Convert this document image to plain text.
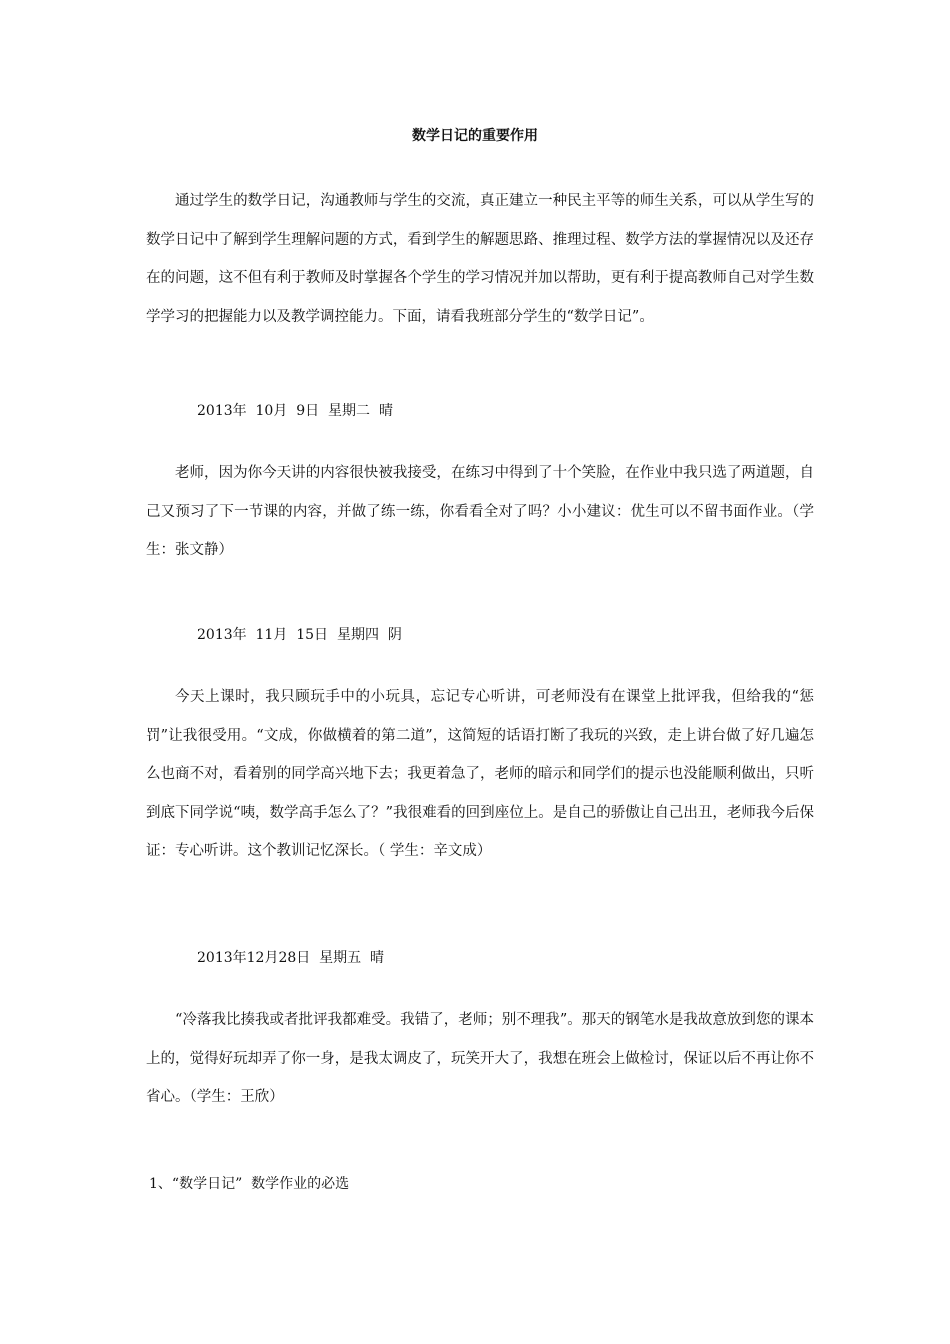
数学日记的重要作用

通过学生的数学日记，沟通教师与学生的交流，真正建立一种民主平等的师生关系，可以从学生写的数学日记中了解到学生理解问题的方式，看到学生的解题思路、推理过程、数学方法的掌握情况以及还存在的问题，这不但有利于教师及时掌握各个学生的学习情况并加以帮助，更有利于提高教师自己对学生数学学习的把握能力以及教学调控能力。下面，请看我班部分学生的“数学日记”。

2013年  10月  9日  星期二  晴

老师，因为你今天讲的内容很快被我接受，在练习中得到了十个笑脸，在作业中我只选了两道题，自己又预习了下一节课的内容，并做了练一练，你看看全对了吗？小小建议：优生可以不留书面作业。（学生：张文静）

2013年  11月  15日  星期四  阴

今天上课时，我只顾玩手中的小玩具，忘记专心听讲，可老师没有在课堂上批评我，但给我的“惩罚”让我很受用。“文成，你做横着的第二道”，这简短的话语打断了我玩的兴致，走上讲台做了好几遍怎么也商不对，看着别的同学高兴地下去；我更着急了，老师的暗示和同学们的提示也没能顺利做出，只听到底下同学说“咦，数学高手怎么了？”我很难看的回到座位上。是自己的骄傲让自己出丑，老师我今后保证：专心听讲。这个教训记忆深长。（ 学生：辛文成）

2013年12月28日  星期五  晴

“冷落我比揍我或者批评我都难受。我错了，老师；别不理我”。那天的钢笔水是我故意放到您的课本上的，觉得好玩却弄了你一身，是我太调皮了，玩笑开大了，我想在班会上做检讨，保证以后不再让你不省心。（学生：王欣）

1、“数学日记”  数学作业的必选
